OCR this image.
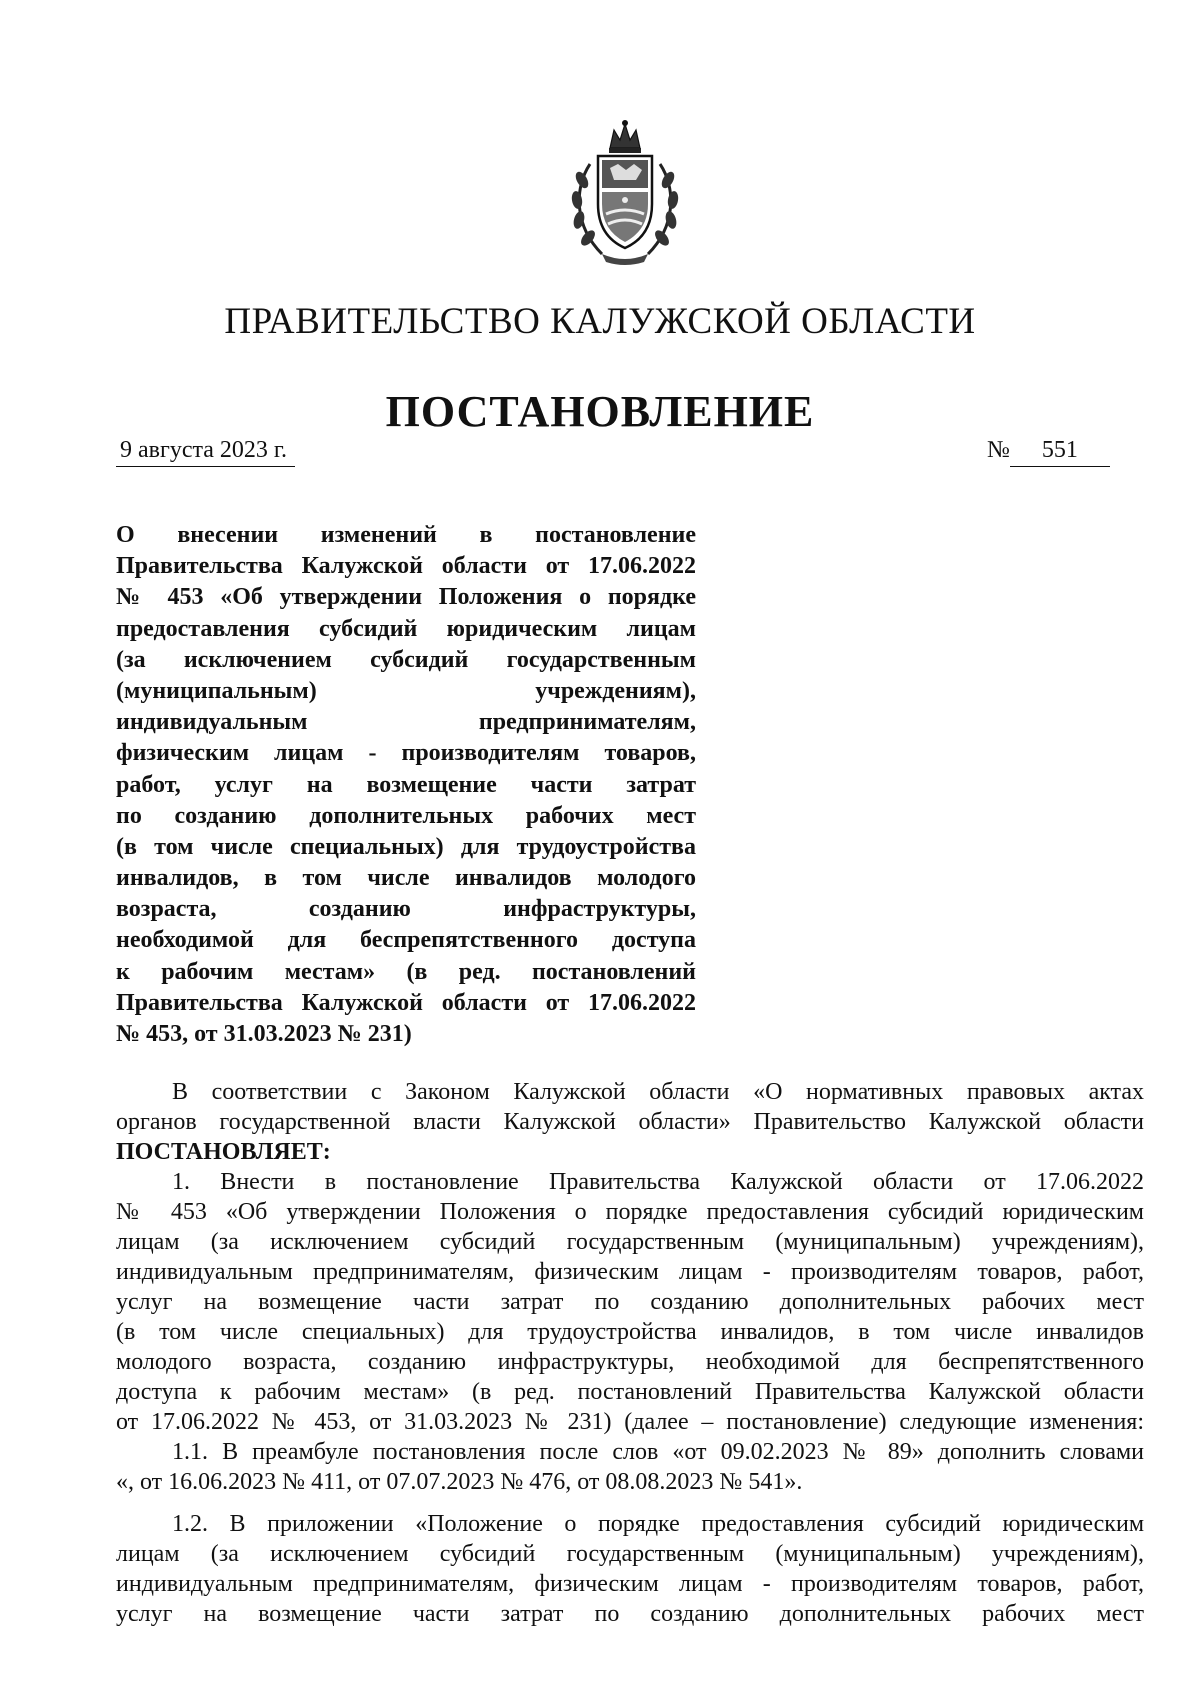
ПРАВИТЕЛЬСТВО КАЛУЖСКОЙ ОБЛАСТИ
ПОСТАНОВЛЕНИЕ
9 августа 2023 г.	№ 551
О внесении изменений в постановление
Правительства Калужской области от 17.06.2022
№ 453 «Об утверждении Положения о порядке
предоставления субсидий юридическим лицам
(за исключением субсидий государственным
(муниципальным) учреждениям),
индивидуальным предпринимателям,
физическим лицам - производителям товаров,
работ, услуг на возмещение части затрат
по созданию дополнительных рабочих мест
(в том числе специальных) для трудоустройства
инвалидов, в том числе инвалидов молодого
возраста, созданию инфраструктуры,
необходимой для беспрепятственного доступа
к рабочим местам» (в ред. постановлений
Правительства Калужской области от 17.06.2022
№ 453, от 31.03.2023 № 231)
В соответствии с Законом Калужской области «О нормативных правовых актах
органов государственной власти Калужской области» Правительство Калужской области
ПОСТАНОВЛЯЕТ:
1. Внести в постановление Правительства Калужской области от 17.06.2022
№ 453 «Об утверждении Положения о порядке предоставления субсидий юридическим
лицам (за исключением субсидий государственным (муниципальным) учреждениям),
индивидуальным предпринимателям, физическим лицам - производителям товаров, работ,
услуг на возмещение части затрат по созданию дополнительных рабочих мест
(в том числе специальных) для трудоустройства инвалидов, в том числе инвалидов
молодого возраста, созданию инфраструктуры, необходимой для беспрепятственного
доступа к рабочим местам» (в ред. постановлений Правительства Калужской области
от 17.06.2022 № 453, от 31.03.2023 № 231) (далее – постановление) следующие изменения:
1.1. В преамбуле постановления после слов «от 09.02.2023 № 89» дополнить словами
«, от 16.06.2023 № 411, от 07.07.2023 № 476, от 08.08.2023 № 541».
1.2. В приложении «Положение о порядке предоставления субсидий юридическим
лицам (за исключением субсидий государственным (муниципальным) учреждениям),
индивидуальным предпринимателям, физическим лицам - производителям товаров, работ,
услуг на возмещение части затрат по созданию дополнительных рабочих мест
